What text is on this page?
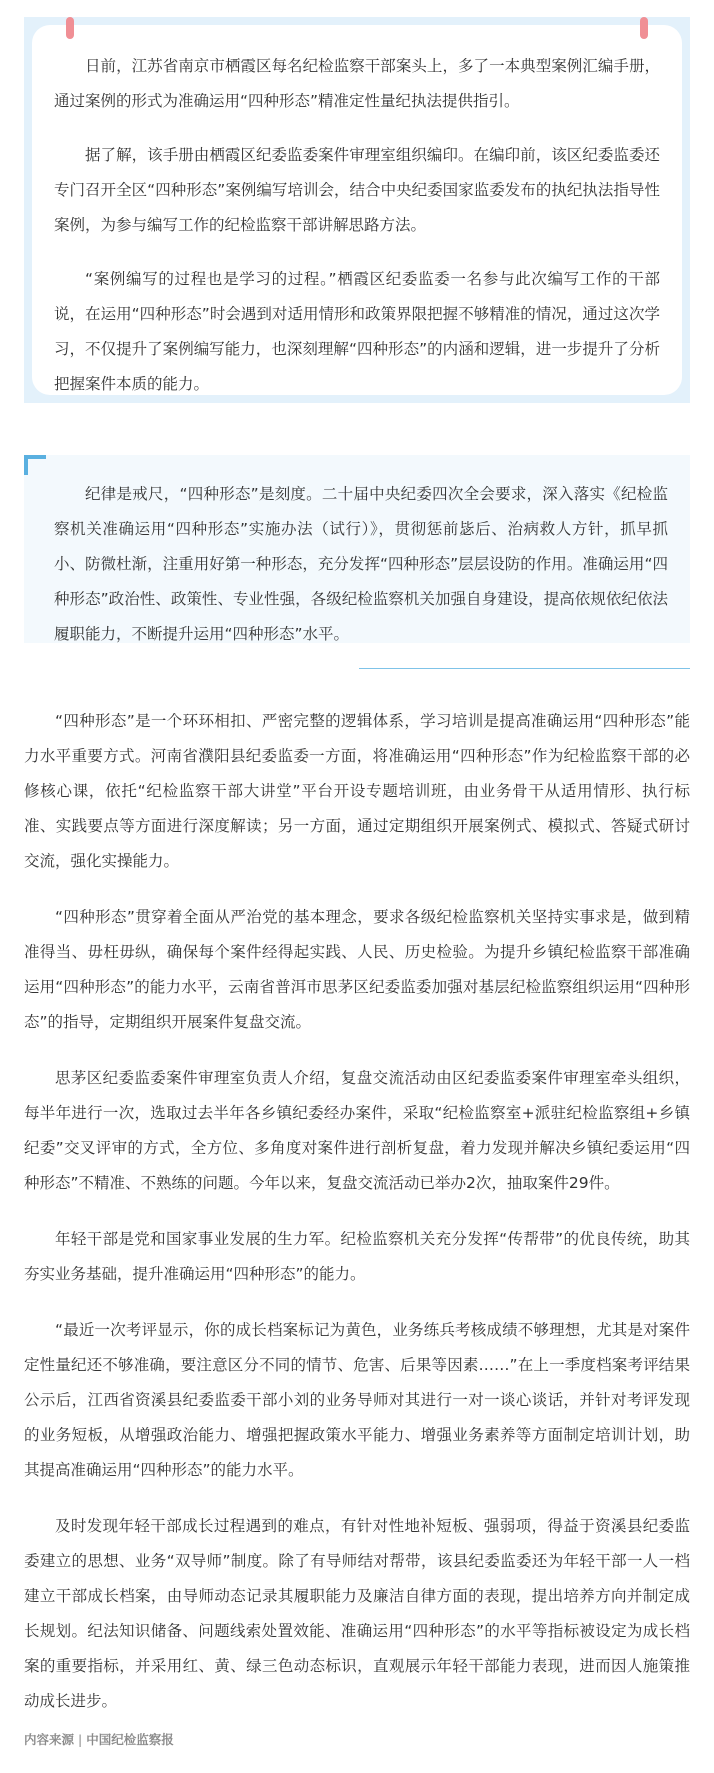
日前，江苏省南京市栖霞区每名纪检监察干部案头上，多了一本典型案例汇编手册，通过案例的形式为准确运用“四种形态”精准定性量纪执法提供指引。

据了解，该手册由栖霞区纪委监委案件审理室组织编印。在编印前，该区纪委监委还专门召开全区“四种形态”案例编写培训会，结合中央纪委国家监委发布的执纪执法指导性案例，为参与编写工作的纪检监察干部讲解思路方法。

“案例编写的过程也是学习的过程。”栖霞区纪委监委一名参与此次编写工作的干部说，在运用“四种形态”时会遇到对适用情形和政策界限把握不够精准的情况，通过这次学习，不仅提升了案例编写能力，也深刻理解“四种形态”的内涵和逻辑，进一步提升了分析把握案件本质的能力。

纪律是戒尺，“四种形态”是刻度。二十届中央纪委四次全会要求，深入落实《纪检监察机关准确运用“四种形态”实施办法（试行）》，贯彻惩前毖后、治病救人方针，抓早抓小、防微杜渐，注重用好第一种形态，充分发挥“四种形态”层层设防的作用。准确运用“四种形态”政治性、政策性、专业性强，各级纪检监察机关加强自身建设，提高依规依纪依法履职能力，不断提升运用“四种形态”水平。

“四种形态”是一个环环相扣、严密完整的逻辑体系，学习培训是提高准确运用“四种形态”能力水平重要方式。河南省濮阳县纪委监委一方面，将准确运用“四种形态”作为纪检监察干部的必修核心课，依托“纪检监察干部大讲堂”平台开设专题培训班，由业务骨干从适用情形、执行标准、实践要点等方面进行深度解读；另一方面，通过定期组织开展案例式、模拟式、答疑式研讨交流，强化实操能力。

“四种形态”贯穿着全面从严治党的基本理念，要求各级纪检监察机关坚持实事求是，做到精准得当、毋枉毋纵，确保每个案件经得起实践、人民、历史检验。为提升乡镇纪检监察干部准确运用“四种形态”的能力水平，云南省普洱市思茅区纪委监委加强对基层纪检监察组织运用“四种形态”的指导，定期组织开展案件复盘交流。

思茅区纪委监委案件审理室负责人介绍，复盘交流活动由区纪委监委案件审理室牵头组织，每半年进行一次，选取过去半年各乡镇纪委经办案件，采取“纪检监察室+派驻纪检监察组+乡镇纪委”交叉评审的方式，全方位、多角度对案件进行剖析复盘，着力发现并解决乡镇纪委运用“四种形态”不精准、不熟练的问题。今年以来，复盘交流活动已举办2次，抽取案件29件。

年轻干部是党和国家事业发展的生力军。纪检监察机关充分发挥“传帮带”的优良传统，助其夯实业务基础，提升准确运用“四种形态”的能力。

“最近一次考评显示，你的成长档案标记为黄色，业务练兵考核成绩不够理想，尤其是对案件定性量纪还不够准确，要注意区分不同的情节、危害、后果等因素……”在上一季度档案考评结果公示后，江西省资溪县纪委监委干部小刘的业务导师对其进行一对一谈心谈话，并针对考评发现的业务短板，从增强政治能力、增强把握政策水平能力、增强业务素养等方面制定培训计划，助其提高准确运用“四种形态”的能力水平。

及时发现年轻干部成长过程遇到的难点，有针对性地补短板、强弱项，得益于资溪县纪委监委建立的思想、业务“双导师”制度。除了有导师结对帮带，该县纪委监委还为年轻干部一人一档建立干部成长档案，由导师动态记录其履职能力及廉洁自律方面的表现，提出培养方向并制定成长规划。纪法知识储备、问题线索处置效能、准确运用“四种形态”的水平等指标被设定为成长档案的重要指标，并采用红、黄、绿三色动态标识，直观展示年轻干部能力表现，进而因人施策推动成长进步。

内容来源 | 中国纪检监察报
